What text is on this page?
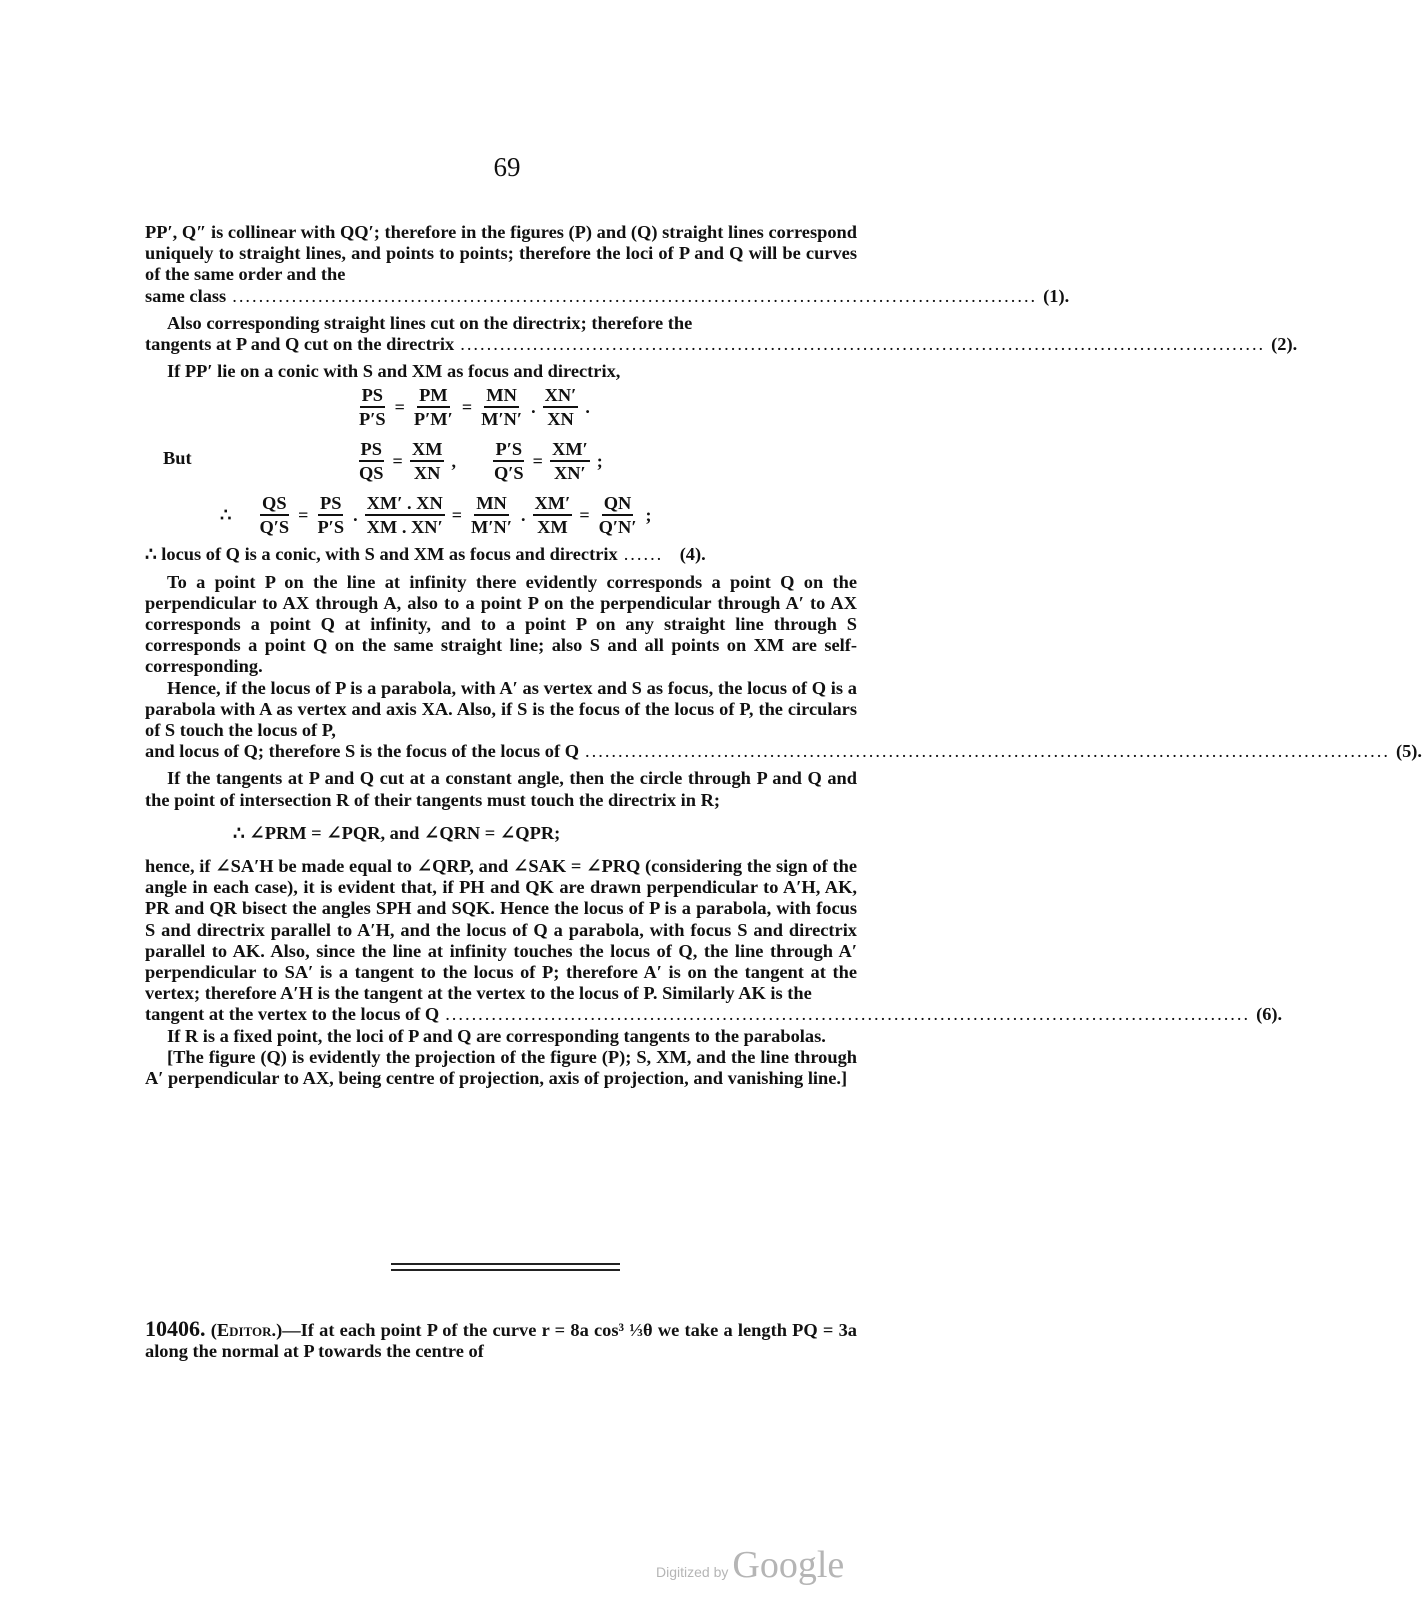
69

PP′, Q″ is collinear with QQ′; therefore in the figures (P) and (Q) straight lines correspond uniquely to straight lines, and points to points; therefore the loci of P and Q will be curves of the same order and the

same class .......................................................................................................................... (1).

Also corresponding straight lines cut on the directrix; therefore the

tangents at P and Q cut on the directrix .......................................................................................................................... (2).

If PP′ lie on a conic with S and XM as focus and directrix,

$\frac{PS}{P'S} = \frac{PM}{P'M'} = \frac{MN}{M'N'}$ . $\frac{XN'}{XN}$ .
But	$\frac{PS}{QS} = \frac{XM}{XN}$ , $\frac{P'S}{Q'S} = \frac{XM'}{XN'}$ ;
∴ $\frac{QS}{Q'S} = \frac{PS}{P'S}$ . $\frac{XM' . XN}{XM . XN'} = \frac{MN}{M'N'}$ . $\frac{XM'}{XM} = \frac{QN}{Q'N'}$ ;
∴ locus of Q is a conic, with S and XM as focus and directrix ...... (4).

To a point P on the line at infinity there evidently corresponds a point Q on the perpendicular to AX through A, also to a point P on the perpendicular through A′ to AX corresponds a point Q at infinity, and to a point P on any straight line through S corresponds a point Q on the same straight line; also S and all points on XM are self-corresponding.

Hence, if the locus of P is a parabola, with A′ as vertex and S as focus, the locus of Q is a parabola with A as vertex and axis XA. Also, if S is the focus of the locus of P, the circulars of S touch the locus of P,

and locus of Q; therefore S is the focus of the locus of Q .......................................................................................................................... (5).

If the tangents at P and Q cut at a constant angle, then the circle through P and Q and the point of intersection R of their tangents must touch the directrix in R;

∴ ∠PRM = ∠PQR, and ∠QRN = ∠QPR;

hence, if ∠SA′H be made equal to ∠QRP, and ∠SAK = ∠PRQ (considering the sign of the angle in each case), it is evident that, if PH and QK are drawn perpendicular to A′H, AK, PR and QR bisect the angles SPH and SQK. Hence the locus of P is a parabola, with focus S and directrix parallel to A′H, and the locus of Q a parabola, with focus S and directrix parallel to AK. Also, since the line at infinity touches the locus of Q, the line through A′ perpendicular to SA′ is a tangent to the locus of P; therefore A′ is on the tangent at the vertex; therefore A′H is the tangent at the vertex to the locus of P. Similarly AK is the

tangent at the vertex to the locus of Q .......................................................................................................................... (6).

If R is a fixed point, the loci of P and Q are corresponding tangents to the parabolas.

[The figure (Q) is evidently the projection of the figure (P); S, XM, and the line through A′ perpendicular to AX, being centre of projection, axis of projection, and vanishing line.]

10406. (Editor.)—If at each point P of the curve r = 8a cos³ ⅓θ we take a length PQ = 3a along the normal at P towards the centre of
Digitized by Google
